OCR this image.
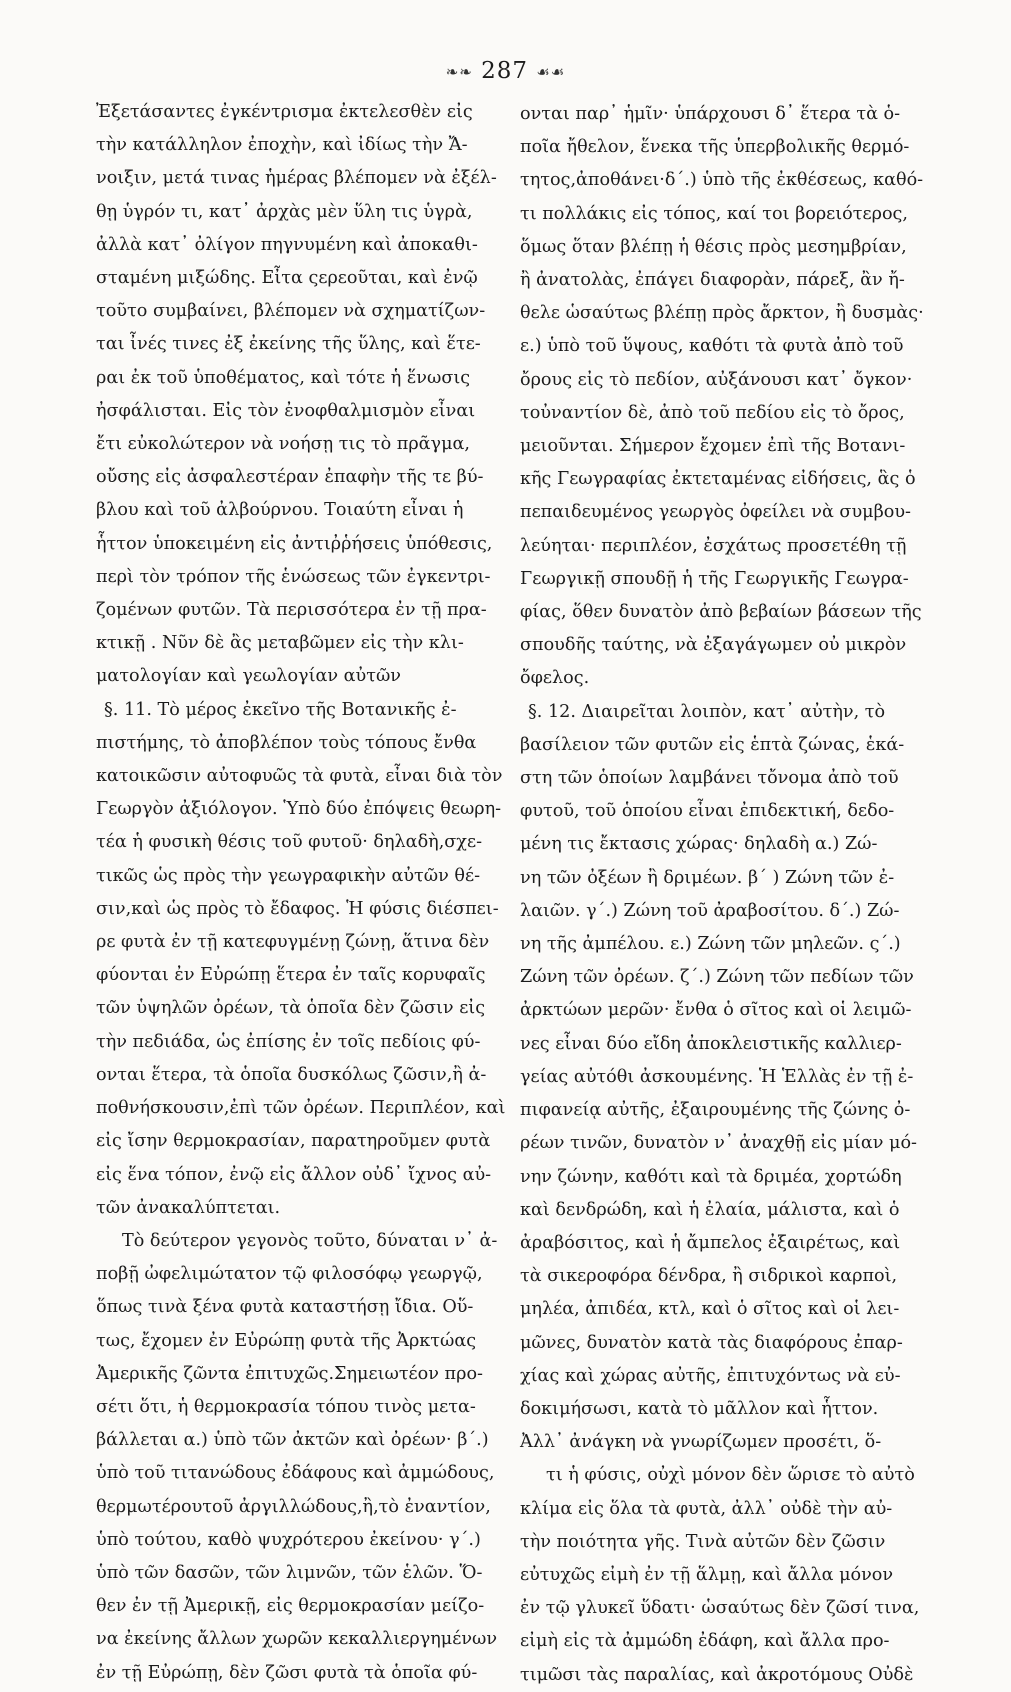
❧❧ 287 ☙☙
Ἐξετάσαντες ἐγκέντρισμα ἐκτελεσθὲν εἰς
τὴν κατάλληλον ἐποχὴν, καὶ ἰδίως τὴν Ἄ-
νοιξιν, μετά τινας ἡμέρας βλέπομεν νὰ ἐξέλ-
θῃ ὑγρόν τι, κατ᾽ ἀρχὰς μὲν ὕλη τις ὑγρὰ,
ἀλλὰ κατ᾽ ὀλίγον πηγνυμένη καὶ ἀποκαθι-
σταμένη μιξώδης. Εἶτα ςερεοῦται, καὶ ἐνῷ
τοῦτο συμβαίνει, βλέπομεν νὰ σχηματίζων-
ται ἶνές τινες ἐξ ἐκείνης τῆς ὕλης, καὶ ἕτε-
ραι ἐκ τοῦ ὑποθέματος, καὶ τότε ἡ ἕνωσις
ἠσφάλισται. Εἰς τὸν ἐνοφθαλμισμὸν εἶναι
ἔτι εὐκολώτερον νὰ νοήσῃ τις τὸ πρᾶγμα,
οὔσης εἰς ἀσφαλεστέραν ἐπαφὴν τῆς τε βύ-
βλου καὶ τοῦ ἀλβούρνου. Τοιαύτη εἶναι ἡ
ἧττον ὑποκειμένη εἰς ἀντιῤῥήσεις ὑπόθεσις,
περὶ τὸν τρόπον τῆς ἑνώσεως τῶν ἐγκεντρι-
ζομένων φυτῶν. Τὰ περισσότερα ἐν τῇ πρα-
κτικῇ . Νῦν δὲ ἂς μεταβῶμεν εἰς τὴν κλι-
ματολογίαν καὶ γεωλογίαν αὐτῶν
§. 11. Τὸ μέρος ἐκεῖνο τῆς Βοτανικῆς ἐ-
πιστήμης, τὸ ἀποβλέπον τοὺς τόπους ἔνθα
κατοικῶσιν αὐτοφυῶς τὰ φυτὰ, εἶναι διὰ τὸν
Γεωργὸν ἀξιόλογον. Ὑπὸ δύο ἐπόψεις θεωρη-
τέα ἡ φυσικὴ θέσις τοῦ φυτοῦ· δηλαδὴ,σχε-
τικῶς ὡς πρὸς τὴν γεωγραφικὴν αὐτῶν θέ-
σιν,καὶ ὡς πρὸς τὸ ἔδαφος. Ἡ φύσις διέσπει-
ρε φυτὰ ἐν τῇ κατεφυγμένῃ ζώνῃ, ἅτινα δὲν
φύονται ἐν Εὐρώπῃ ἕτερα ἐν ταῖς κορυφαῖς
τῶν ὑψηλῶν ὀρέων, τὰ ὁποῖα δὲν ζῶσιν εἰς
τὴν πεδιάδα, ὡς ἐπίσης ἐν τοῖς πεδίοις φύ-
ονται ἕτερα, τὰ ὁποῖα δυσκόλως ζῶσιν,ἢ ἀ-
ποθνήσκουσιν,ἐπὶ τῶν ὀρέων. Περιπλέον, καὶ
εἰς ἴσην θερμοκρασίαν, παρατηροῦμεν φυτὰ
εἰς ἕνα τόπον, ἐνῷ εἰς ἄλλον οὐδ᾽ ἴχνος αὐ-
τῶν ἀνακαλύπτεται.
Τὸ δεύτερον γεγονὸς τοῦτο, δύναται ν᾽ ἀ-
ποβῇ ὠφελιμώτατον τῷ φιλοσόφῳ γεωργῷ,
ὅπως τινὰ ξένα φυτὰ καταστήσῃ ἴδια. Οὕ-
τως, ἔχομεν ἐν Εὐρώπῃ φυτὰ τῆς Ἀρκτώας
Ἀμερικῆς ζῶντα ἐπιτυχῶς.Σημειωτέον προ-
σέτι ὅτι, ἡ θερμοκρασία τόπου τινὸς μετα-
βάλλεται α.) ὑπὸ τῶν ἀκτῶν καὶ ὀρέων· β΄.)
ὑπὸ τοῦ τιτανώδους ἐδάφους καὶ ἀμμώδους,
θερμωτέρουτοῦ ἀργιλλώδους,ἢ,τὸ ἐναντίον,
ὑπὸ τούτου, καθὸ ψυχρότερου ἐκείνου· γ΄.)
ὑπὸ τῶν δασῶν, τῶν λιμνῶν, τῶν ἑλῶν. Ὅ-
θεν ἐν τῇ Ἀμερικῇ, εἰς θερμοκρασίαν μείζο-
να ἐκείνης ἄλλων χωρῶν κεκαλλιεργημένων
ἐν τῇ Εὐρώπῃ, δὲν ζῶσι φυτὰ τὰ ὁποῖα φύ-
ονται παρ᾽ ἡμῖν· ὑπάρχουσι δ᾽ ἕτερα τὰ ὁ-
ποῖα ἤθελον, ἕνεκα τῆς ὑπερβολικῆς θερμό-
τητος,ἀποθάνει·δ΄.) ὑπὸ τῆς ἐκθέσεως, καθό-
τι πολλάκις εἰς τόπος, καί τοι βορειότερος,
ὅμως ὅταν βλέπῃ ἡ θέσις πρὸς μεσημβρίαν,
ἢ ἀνατολὰς, ἐπάγει διαφορὰν, πάρεξ, ἂν ἤ-
θελε ὡσαύτως βλέπῃ πρὸς ἄρκτον, ἢ δυσμὰς·
ε.) ὑπὸ τοῦ ὕψους, καθότι τὰ φυτὰ ἀπὸ τοῦ
ὄρους εἰς τὸ πεδίον, αὐξάνουσι κατ᾽ ὄγκον·
τοὐναντίον δὲ, ἀπὸ τοῦ πεδίου εἰς τὸ ὄρος,
μειοῦνται. Σήμερον ἔχομεν ἐπὶ τῆς Βοτανι-
κῆς Γεωγραφίας ἐκτεταμένας εἰδήσεις, ἃς ὁ
πεπαιδευμένος γεωργὸς ὀφείλει νὰ συμβου-
λεύηται· περιπλέον, ἐσχάτως προσετέθη τῇ
Γεωργικῇ σπουδῇ ἡ τῆς Γεωργικῆς Γεωγρα-
φίας, ὅθεν δυνατὸν ἀπὸ βεβαίων βάσεων τῆς
σπουδῆς ταύτης, νὰ ἐξαγάγωμεν οὐ μικρὸν
ὄφελος.
§. 12. Διαιρεῖται λοιπὸν, κατ᾽ αὐτὴν, τὸ
βασίλειον τῶν φυτῶν εἰς ἑπτὰ ζώνας, ἑκά-
στη τῶν ὁποίων λαμβάνει τὄνομα ἀπὸ τοῦ
φυτοῦ, τοῦ ὁποίου εἶναι ἐπιδεκτική, δεδο-
μένη τις ἔκτασις χώρας· δηλαδὴ α.) Ζώ-
νη τῶν ὀξέων ἢ δριμέων. β΄ ) Ζώνη τῶν ἐ-
λαιῶν. γ΄.) Ζώνη τοῦ ἀραβοσίτου. δ΄.) Ζώ-
νη τῆς ἀμπέλου. ε.) Ζώνη τῶν μηλεῶν. ς΄.)
Ζώνη τῶν ὀρέων. ζ΄.) Ζώνη τῶν πεδίων τῶν
ἀρκτώων μερῶν· ἔνθα ὁ σῖτος καὶ οἱ λειμῶ-
νες εἶναι δύο εἴδη ἀποκλειστικῆς καλλιερ-
γείας αὐτόθι ἀσκουμένης. Ἡ Ἑλλὰς ἐν τῇ ἐ-
πιφανείᾳ αὐτῆς, ἐξαιρουμένης τῆς ζώνης ὀ-
ρέων τινῶν, δυνατὸν ν᾽ ἀναχθῇ εἰς μίαν μό-
νην ζώνην, καθότι καὶ τὰ δριμέα, χορτώδη
καὶ δενδρώδη, καὶ ἡ ἐλαία, μάλιστα, καὶ ὁ
ἀραβόσιτος, καὶ ἡ ἄμπελος ἐξαιρέτως, καὶ
τὰ σικεροφόρα δένδρα, ἢ σιδρικοὶ καρποὶ,
μηλέα, ἀπιδέα, κτλ, καὶ ὁ σῖτος καὶ οἱ λει-
μῶνες, δυνατὸν κατὰ τὰς διαφόρους ἐπαρ-
χίας καὶ χώρας αὐτῆς, ἐπιτυχόντως νὰ εὐ-
δοκιμήσωσι, κατὰ τὸ μᾶλλον καὶ ἧττον.
Ἀλλ᾽ ἀνάγκη νὰ γνωρίζωμεν προσέτι, ὅ-
τι ἡ φύσις, οὐχὶ μόνον δὲν ὥρισε τὸ αὐτὸ
κλίμα εἰς ὅλα τὰ φυτὰ, ἀλλ᾽ οὐδὲ τὴν αὐ-
τὴν ποιότητα γῆς. Τινὰ αὐτῶν δὲν ζῶσιν
εὐτυχῶς εἰμὴ ἐν τῇ ἅλμῃ, καὶ ἄλλα μόνον
ἐν τῷ γλυκεῖ ὕδατι· ὡσαύτως δὲν ζῶσί τινα,
εἰμὴ εἰς τὰ ἀμμώδη ἐδάφη, καὶ ἄλλα προ-
τιμῶσι τὰς παραλίας, καὶ ἀκροτόμους Οὐδὲ
